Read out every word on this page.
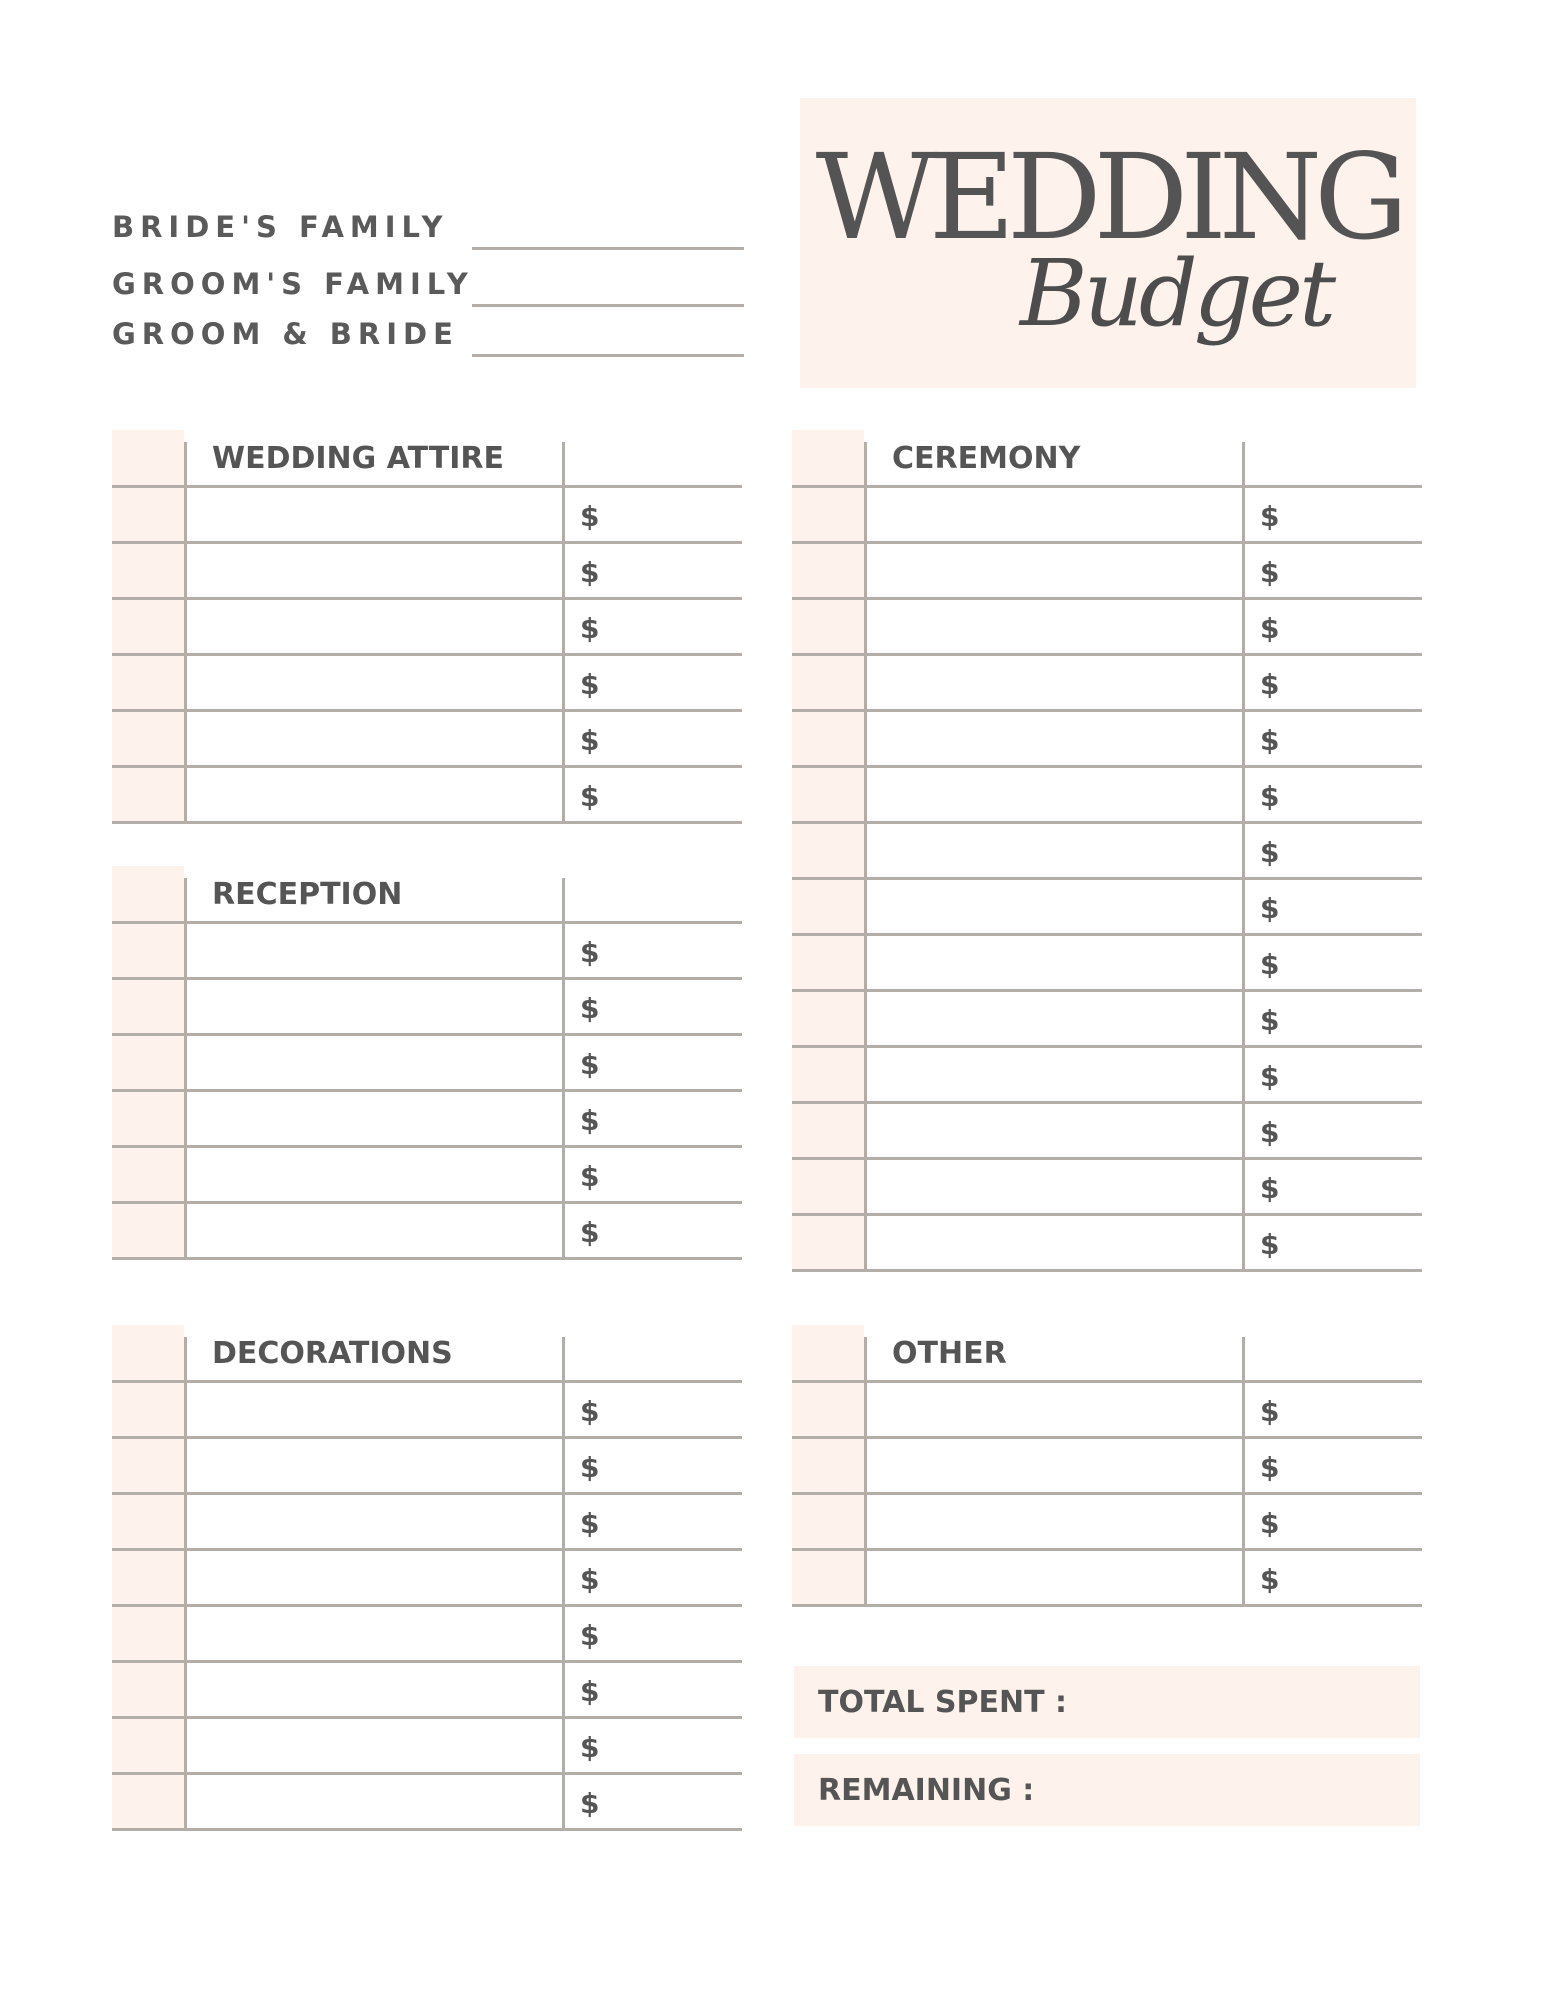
BRIDE'S FAMILY
GROOM'S FAMILY
GROOM & BRIDE
WEDDING
Budget
WEDDING ATTIRE
$
$
$
$
$
$
RECEPTION
$
$
$
$
$
$
DECORATIONS
$
$
$
$
$
$
$
$
CEREMONY
$
$
$
$
$
$
$
$
$
$
$
$
$
$
OTHER
$
$
$
$
TOTAL SPENT :
REMAINING :
